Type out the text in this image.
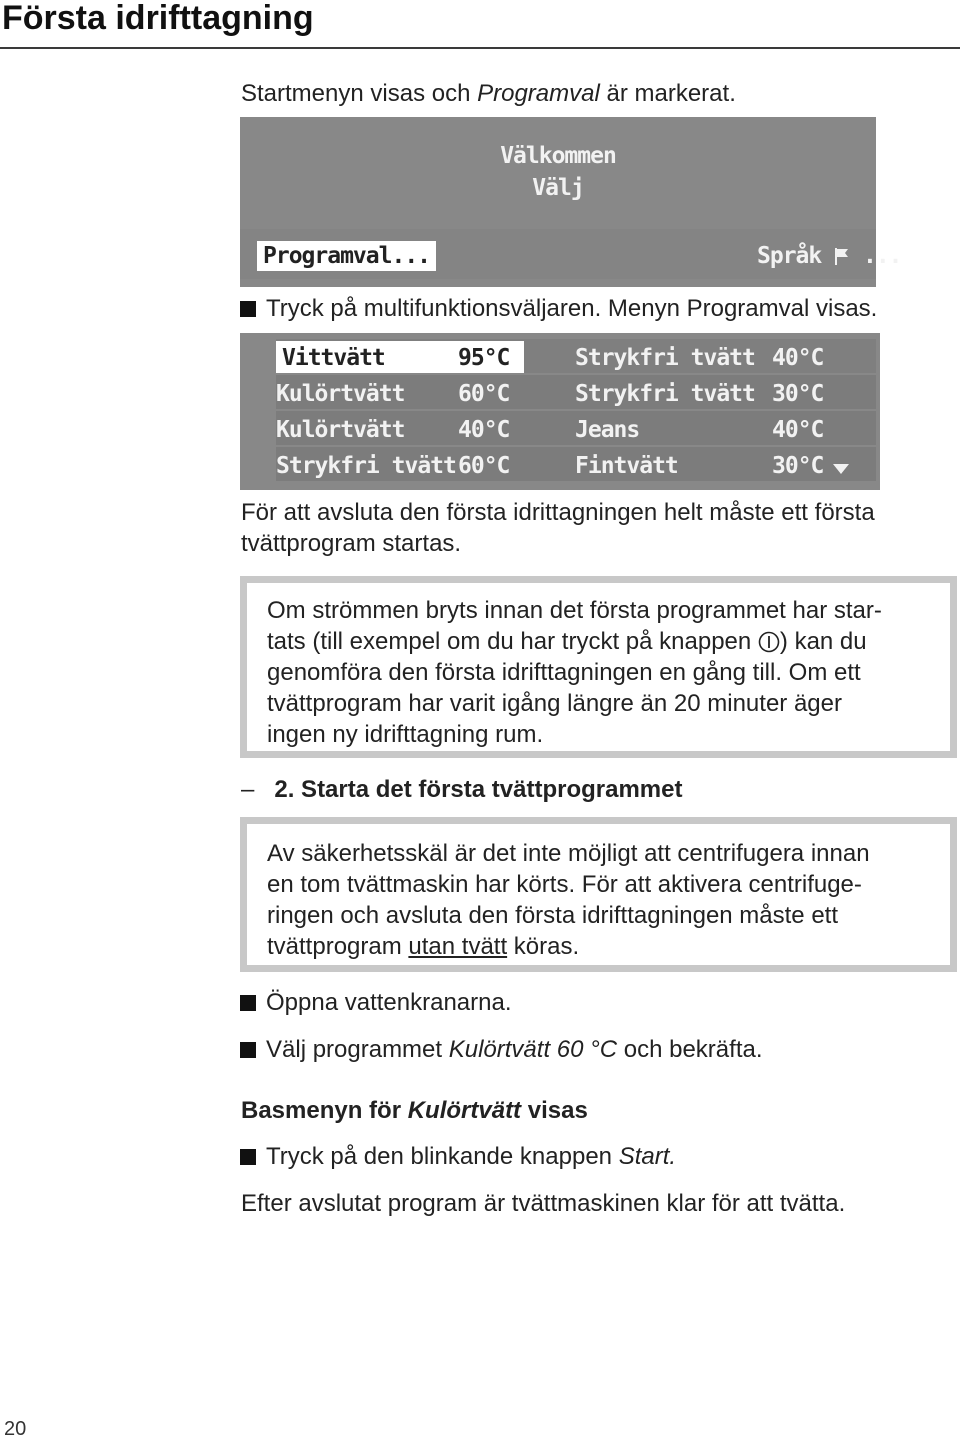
Första idrifttagning
Startmenyn visas och Programval är markerat.
Välkommen
Välj
Programval...	Språk ...
Tryck på multifunktionsväljaren. Menyn Programval visas.
Vittvätt	95°C	Strykfri tvätt 40°C
Kulörtvätt 60°C	Strykfri tvätt 30°C
Kulörtvätt 40°C	Jeans	40°C
Strykfri tvätt 60°C	Fintvätt	30°C
För att avsluta den första idrittagningen helt måste ett första
tvättprogram startas.
Om strömmen bryts innan det första programmet har star-
tats (till exempel om du har tryckt på knappen ) kan du
genomföra den första idrifttagningen en gång till. Om ett
tvättprogram har varit igång längre än 20 minuter äger
ingen ny idrifttagning rum.
– 2. Starta det första tvättprogrammet
Av säkerhetsskäl är det inte möjligt att centrifugera innan
en tom tvättmaskin har körts. För att aktivera centrifuge-
ringen och avsluta den första idrifttagningen måste ett
tvättprogram utan tvätt köras.
Öppna vattenkranarna.
Välj programmet Kulörtvätt 60 °C och bekräfta.
Basmenyn för Kulörtvätt visas
Tryck på den blinkande knappen Start.
Efter avslutat program är tvättmaskinen klar för att tvätta.
20
